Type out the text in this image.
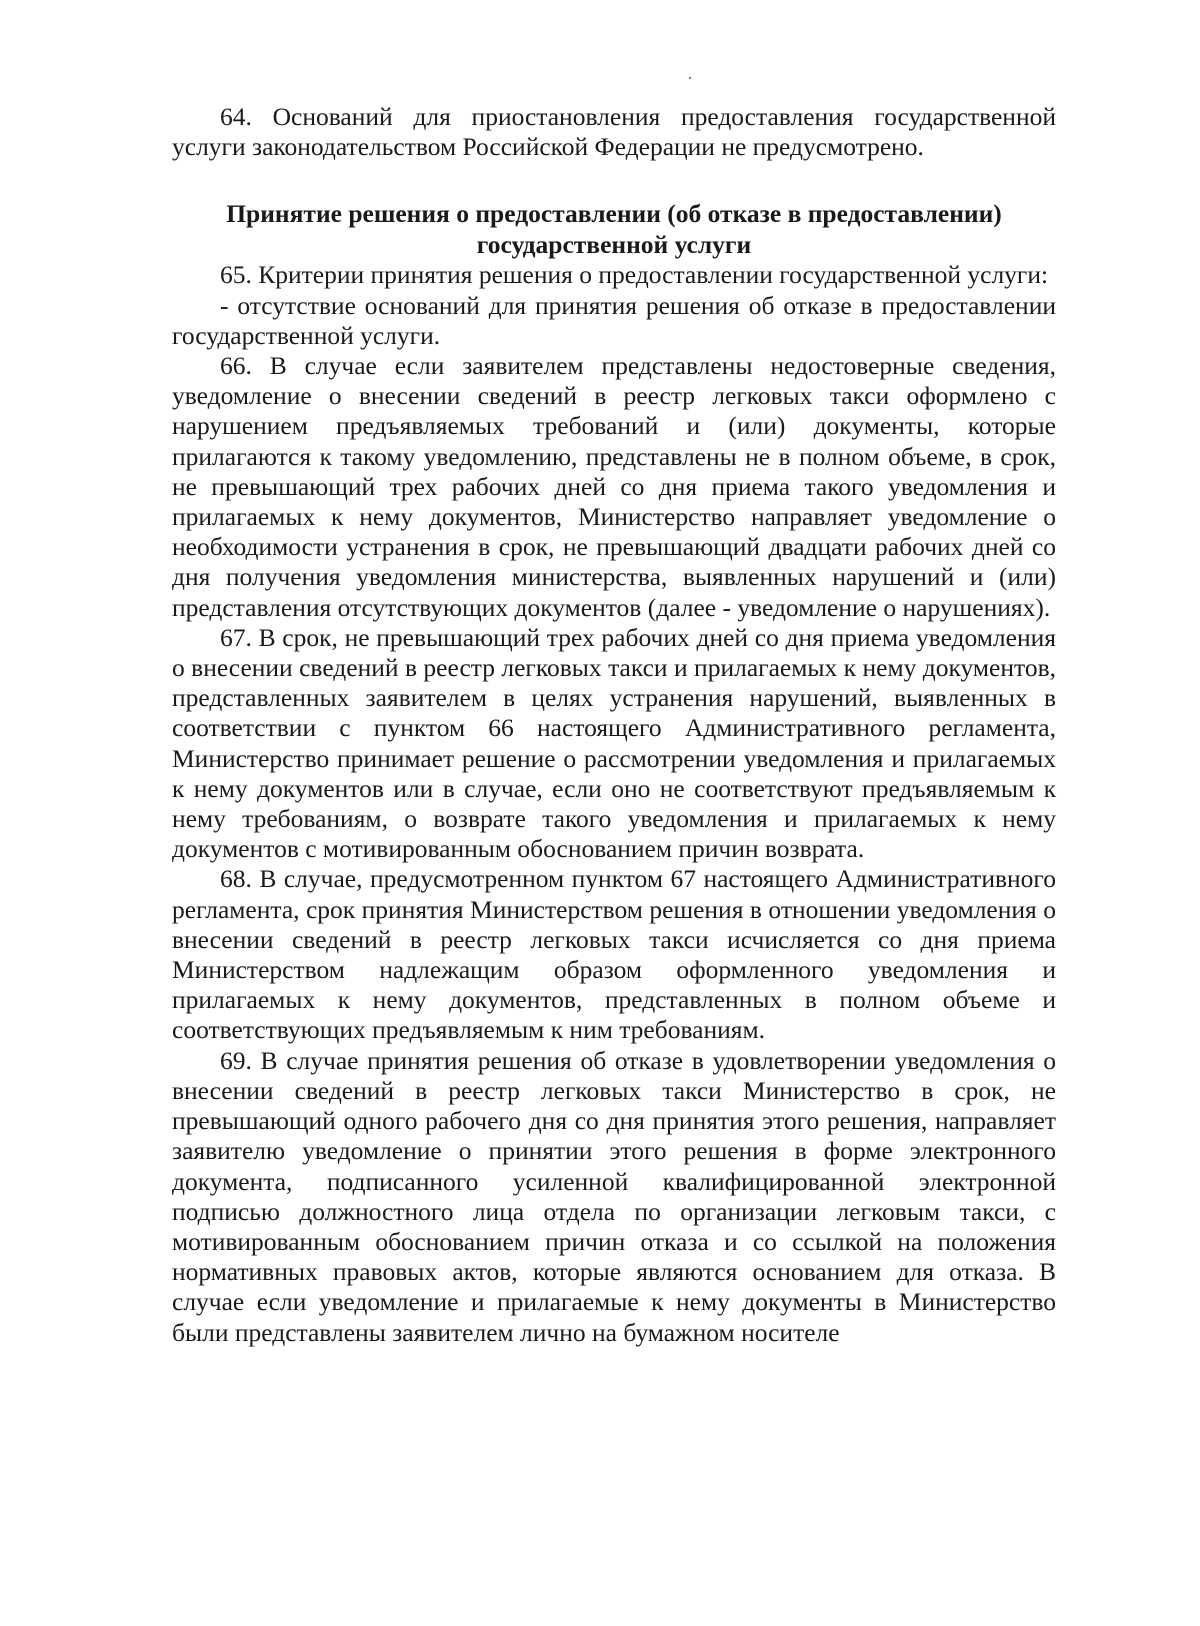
64. Оснований для приостановления предоставления государственной услуги законодательством Российской Федерации не предусмотрено.

Принятие решения о предоставлении (об отказе в предоставлении)
государственной услуги

65. Критерии принятия решения о предоставлении государственной услуги:

- отсутствие оснований для принятия решения об отказе в предоставлении государственной услуги.

66. В случае если заявителем представлены недостоверные сведения, уведомление о внесении сведений в реестр легковых такси оформлено с нарушением предъявляемых требований и (или) документы, которые прилагаются к такому уведомлению, представлены не в полном объеме, в срок, не превышающий трех рабочих дней со дня приема такого уведомления и прилагаемых к нему документов, Министерство направляет уведомление о необходимости устранения в срок, не превышающий двадцати рабочих дней со дня получения уведомления министерства, выявленных нарушений и (или) представления отсутствующих документов (далее - уведомление о нарушениях).

67. В срок, не превышающий трех рабочих дней со дня приема уведомления о внесении сведений в реестр легковых такси и прилагаемых к нему документов, представленных заявителем в целях устранения нарушений, выявленных в соответствии с пунктом 66 настоящего Административного регламента, Министерство принимает решение о рассмотрении уведомления и прилагаемых к нему документов или в случае, если оно не соответствуют предъявляемым к нему требованиям, о возврате такого уведомления и прилагаемых к нему документов с мотивированным обоснованием причин возврата.

68. В случае, предусмотренном пунктом 67 настоящего Административного регламента, срок принятия Министерством решения в отношении уведомления о внесении сведений в реестр легковых такси исчисляется со дня приема Министерством надлежащим образом оформленного уведомления и прилагаемых к нему документов, представленных в полном объеме и соответствующих предъявляемым к ним требованиям.

69. В случае принятия решения об отказе в удовлетворении уведомления о внесении сведений в реестр легковых такси Министерство в срок, не превышающий одного рабочего дня со дня принятия этого решения, направляет заявителю уведомление о принятии этого решения в форме электронного документа, подписанного усиленной квалифицированной электронной подписью должностного лица отдела по организации легковым такси, с мотивированным обоснованием причин отказа и со ссылкой на положения нормативных правовых актов, которые являются основанием для отказа. В случае если уведомление и прилагаемые к нему документы в Министерство были представлены заявителем лично на бумажном носителе
